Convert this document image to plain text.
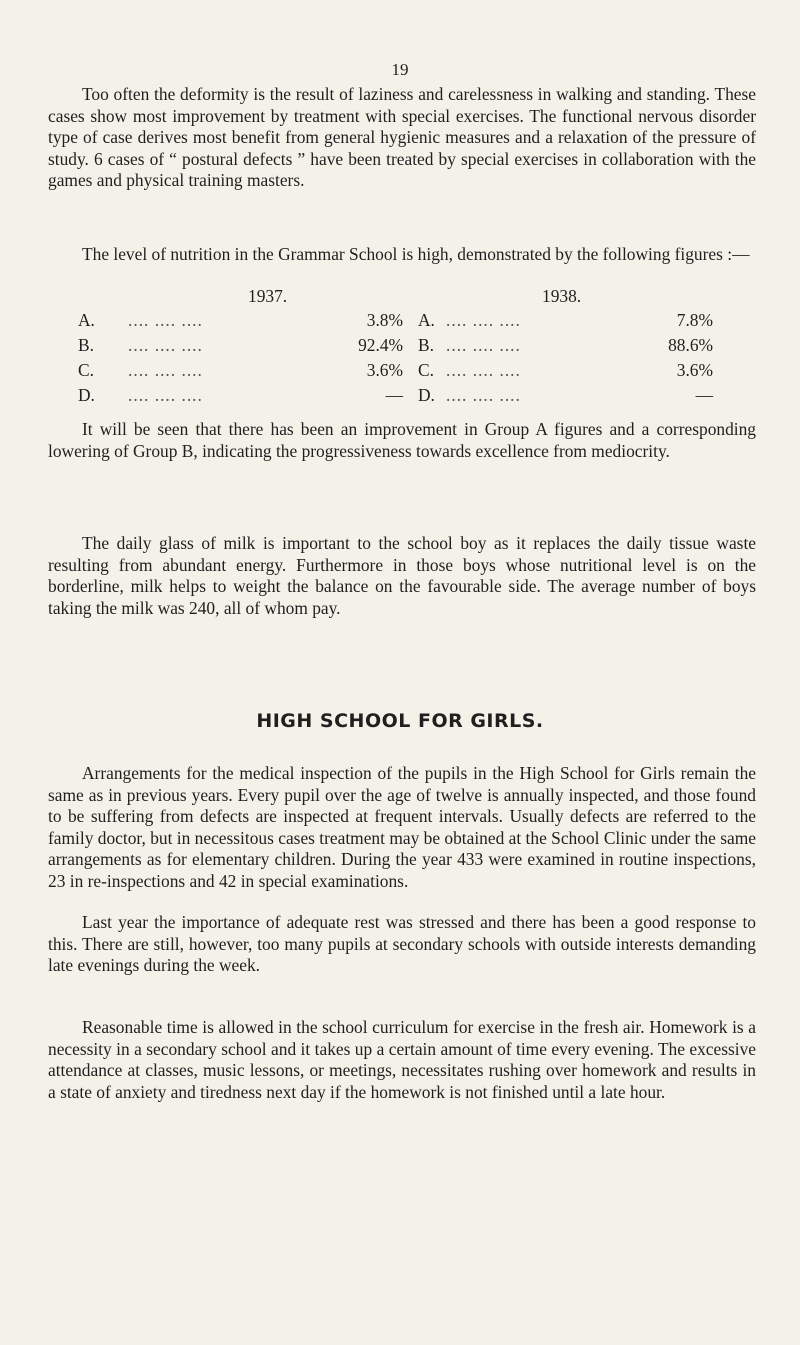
19

Too often the deformity is the result of laziness and carelessness in walking and standing. These cases show most improvement by treatment with special exercises. The functional nervous disorder type of case derives most benefit from general hygienic measures and a relaxation of the pressure of study. 6 cases of “ postural defects ” have been treated by special exercises in collaboration with the games and physical training masters.

The level of nutrition in the Grammar School is high, demonstrated by the following figures :—

1937.	1938.
A. .... .... ....	3.8% A. .... .... ....	7.8%
B. .... .... ....	92.4% B. .... .... ....	88.6%
C. .... .... ....	3.6% C. .... .... ....	3.6%
D. .... .... ....	— D. .... .... ....	—

It will be seen that there has been an improvement in Group A figures and a corresponding lowering of Group B, indicating the progressiveness towards excellence from mediocrity.

The daily glass of milk is important to the school boy as it replaces the daily tissue waste resulting from abundant energy. Furthermore in those boys whose nutritional level is on the borderline, milk helps to weight the balance on the favourable side. The average number of boys taking the milk was 240, all of whom pay.

HIGH SCHOOL FOR GIRLS.

Arrangements for the medical inspection of the pupils in the High School for Girls remain the same as in previous years. Every pupil over the age of twelve is annually inspected, and those found to be suffering from defects are inspected at frequent intervals. Usually defects are referred to the family doctor, but in necessitous cases treatment may be obtained at the School Clinic under the same arrangements as for elementary children. During the year 433 were examined in routine inspections, 23 in re-inspections and 42 in special examinations.

Last year the importance of adequate rest was stressed and there has been a good response to this. There are still, however, too many pupils at secondary schools with outside interests demanding late evenings during the week.

Reasonable time is allowed in the school curriculum for exercise in the fresh air. Homework is a necessity in a secondary school and it takes up a certain amount of time every evening. The excessive attendance at classes, music lessons, or meetings, necessitates rushing over homework and results in a state of anxiety and tiredness next day if the homework is not finished until a late hour.
